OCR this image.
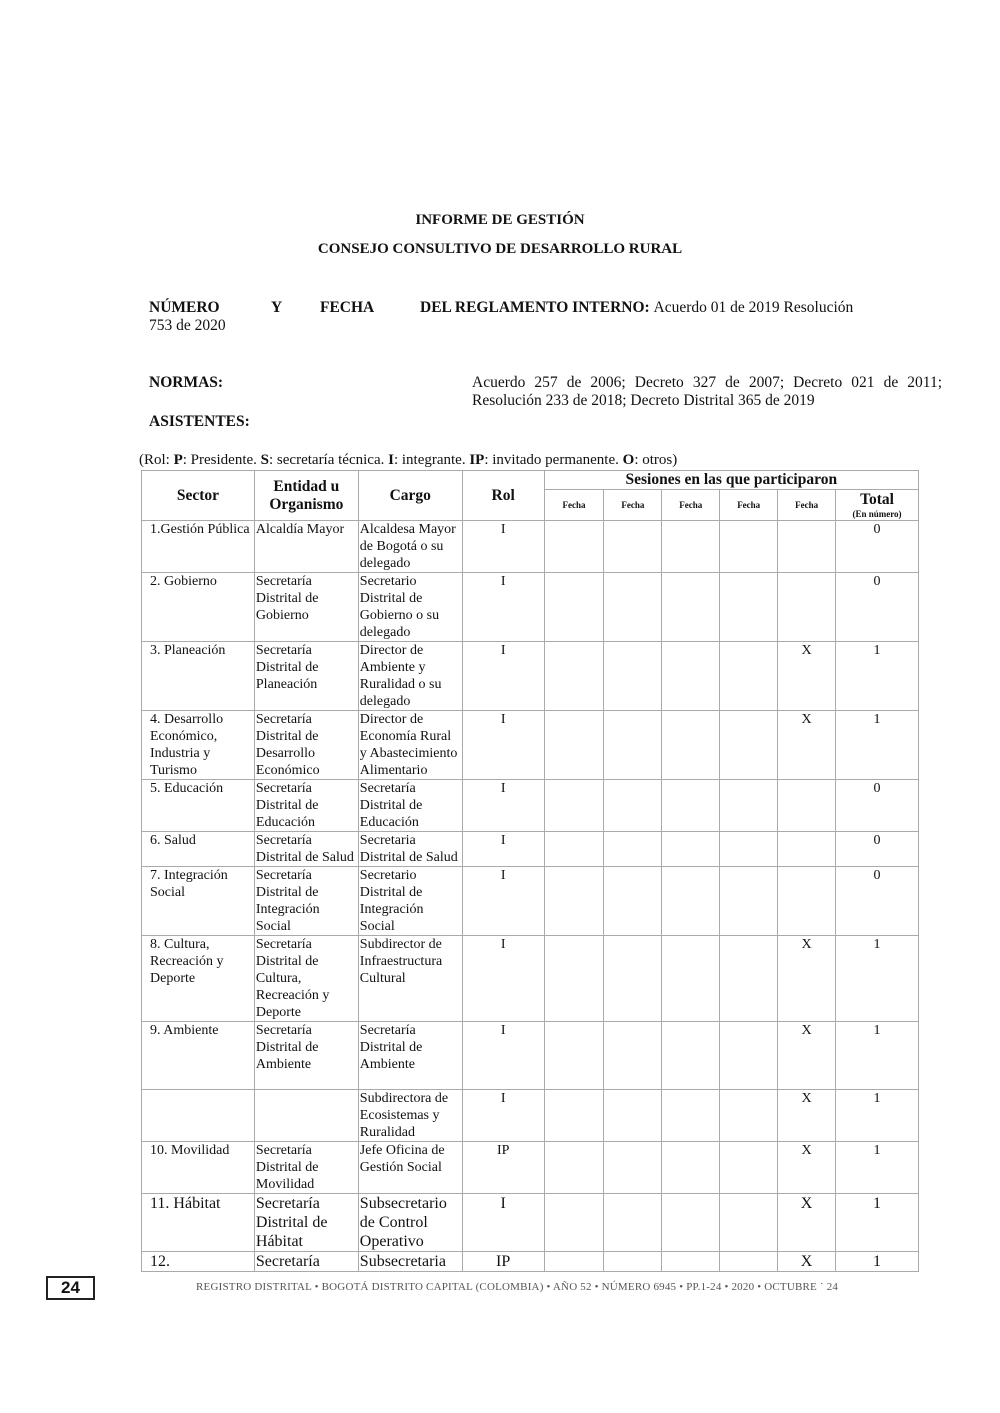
INFORME DE GESTIÓN
CONSEJO CONSULTIVO DE DESARROLLO RURAL
NÚMERO	Y	FECHA	DEL REGLAMENTO INTERNO:
Acuerdo 01 de 2019 Resolución
753 de 2020
NORMAS:	Acuerdo 257 de 2006; Decreto 327 de 2007; Decreto 021 de 2011; Resolución 233 de 2018; Decreto Distrital 365 de 2019
ASISTENTES:
(Rol: P: Presidente. S: secretaría técnica. I: integrante. IP: invitado permanente. O: otros)
Sector	Entidad u Organismo	Cargo	Rol	Sesiones en las que participaron					
				Fecha	Fecha	Fecha	Fecha	Fecha	Total
(En número)

1.Gestión Pública	Alcaldía Mayor	Alcaldesa Mayor de Bogotá o su delegado	I						0
2. Gobierno	Secretaría Distrital de Gobierno	Secretario Distrital de Gobierno o su delegado	I						0
3. Planeación	Secretaría Distrital de Planeación	Director de Ambiente y Ruralidad o su delegado	I					X	1
4. Desarrollo Económico, Industria y Turismo	Secretaría Distrital de Desarrollo Económico	Director de Economía Rural y Abastecimiento Alimentario	I					X	1
5. Educación	Secretaría Distrital de Educación	Secretaría Distrital de Educación	I						0
6. Salud	Secretaría Distrital de Salud	Secretaria Distrital de Salud	I						0
7. Integración Social	Secretaría Distrital de Integración Social	Secretario Distrital de Integración Social	I						0
8. Cultura, Recreación y Deporte	Secretaría Distrital de Cultura, Recreación y Deporte	Subdirector de Infraestructura Cultural	I					X	1
9. Ambiente	Secretaría Distrital de Ambiente	Secretaría Distrital de Ambiente	I					X	1
		Subdirectora de Ecosistemas y Ruralidad	I					X	1
10. Movilidad	Secretaría Distrital de Movilidad	Jefe Oficina de Gestión Social	IP					X	1
11. Hábitat	Secretaría Distrital de Hábitat	Subsecretario de Control Operativo	I					X	1
12.	Secretaría	Subsecretaria	IP					X	1
24	REGISTRO DISTRITAL • BOGOTÁ DISTRITO CAPITAL (COLOMBIA) • AÑO 52 • NÚMERO 6945 • PP.1-24 • 2020 • OCTUBRE ˙ 24
